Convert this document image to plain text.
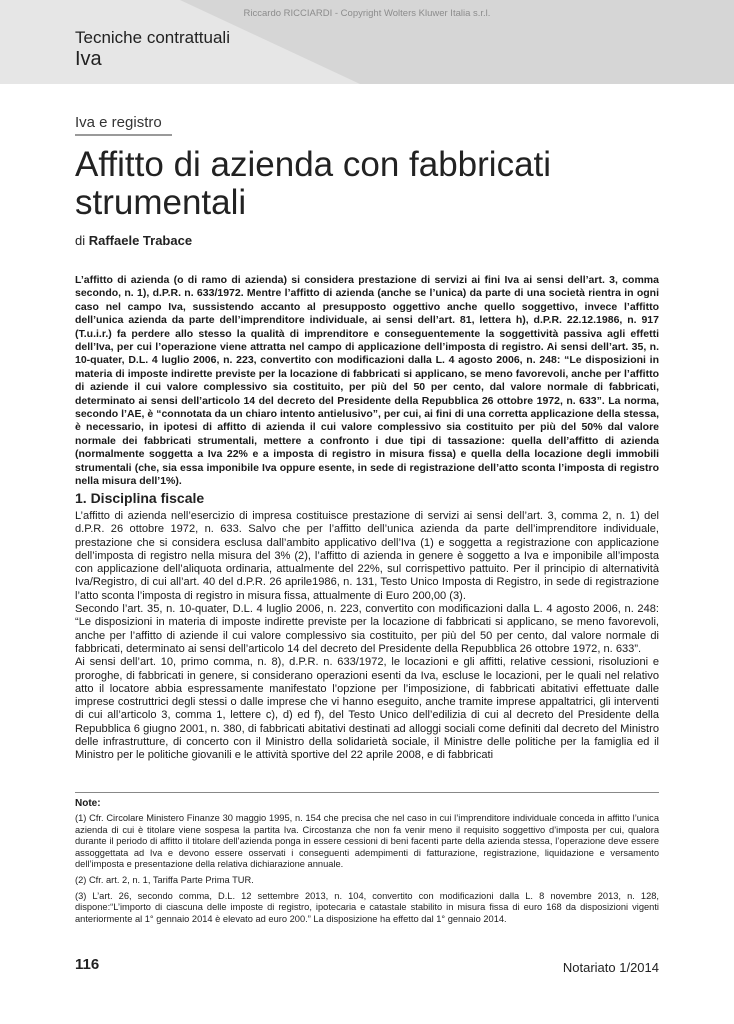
Riccardo RICCIARDI - Copyright Wolters Kluwer Italia s.r.l.
Tecniche contrattuali
Iva
Iva e registro
Affitto di azienda con fabbricati strumentali
di Raffaele Trabace
L’affitto di azienda (o di ramo di azienda) si considera prestazione di servizi ai fini Iva ai sensi dell’art. 3, comma secondo, n. 1), d.P.R. n. 633/1972. Mentre l’affitto di azienda (anche se l’unica) da parte di una società rientra in ogni caso nel campo Iva, sussistendo accanto al presupposto oggettivo anche quello soggettivo, invece l’affitto dell’unica azienda da parte dell’imprenditore individuale, ai sensi dell’art. 81, lettera h), d.P.R. 22.12.1986, n. 917 (T.u.i.r.) fa perdere allo stesso la qualità di imprenditore e conseguentemente la soggettività passiva agli effetti dell’Iva, per cui l’operazione viene attratta nel campo di applicazione dell’imposta di registro. Ai sensi dell’art. 35, n. 10-quater, D.L. 4 luglio 2006, n. 223, convertito con modificazioni dalla L. 4 agosto 2006, n. 248: “Le disposizioni in materia di imposte indirette previste per la locazione di fabbricati si applicano, se meno favorevoli, anche per l’affitto di aziende il cui valore complessivo sia costituito, per più del 50 per cento, dal valore normale di fabbricati, determinato ai sensi dell’articolo 14 del decreto del Presidente della Repubblica 26 ottobre 1972, n. 633”. La norma, secondo l’AE, è “connotata da un chiaro intento antielusivo”, per cui, ai fini di una corretta applicazione della stessa, è necessario, in ipotesi di affitto di azienda il cui valore complessivo sia costituito per più del 50% dal valore normale dei fabbricati strumentali, mettere a confronto i due tipi di tassazione: quella dell’affitto di azienda (normalmente soggetta a Iva 22% e a imposta di registro in misura fissa) e quella della locazione degli immobili strumentali (che, sia essa imponibile Iva oppure esente, in sede di registrazione dell’atto sconta l’imposta di registro nella misura dell’1%).
1. Disciplina fiscale

L’affitto di azienda nell’esercizio di impresa costituisce prestazione di servizi ai sensi dell’art. 3, comma 2, n. 1) del d.P.R. 26 ottobre 1972, n. 633. Salvo che per l’affitto dell’unica azienda da parte dell’imprenditore individuale, prestazione che si considera esclusa dall’ambito applicativo dell’Iva (1) e soggetta a registrazione con applicazione dell’imposta di registro nella misura del 3% (2), l’affitto di azienda in genere è soggetto a Iva e imponibile all’imposta con applicazione dell’aliquota ordinaria, attualmente del 22%, sul corrispettivo pattuito. Per il principio di alternatività Iva/Registro, di cui all’art. 40 del d.P.R. 26 aprile1986, n. 131, Testo Unico Imposta di Registro, in sede di registrazione l’atto sconta l’imposta di registro in misura fissa, attualmente di Euro 200,00 (3).

Secondo l’art. 35, n. 10-quater, D.L. 4 luglio 2006, n. 223, convertito con modificazioni dalla L. 4 agosto 2006, n. 248: “Le disposizioni in materia di imposte indirette previste per la locazione di fabbricati si applicano, se meno favorevoli, anche per l’affitto di aziende il cui valore complessivo sia costituito, per più del 50 per cento, dal valore normale di fabbricati, determinato ai sensi dell’articolo 14 del decreto del Presidente della Repubblica 26 ottobre 1972, n. 633”.

Ai sensi dell’art. 10, primo comma, n. 8), d.P.R. n. 633/1972, le locazioni e gli affitti, relative cessioni, risoluzioni e proroghe, di fabbricati in genere, si considerano operazioni esenti da Iva, escluse le locazioni, per le quali nel relativo atto il locatore abbia espressamente manifestato l’opzione per l’imposizione, di fabbricati abitativi effettuate dalle imprese costruttrici degli stessi o dalle imprese che vi hanno eseguito, anche tramite imprese appaltatrici, gli interventi di cui all’articolo 3, comma 1, lettere c), d) ed f), del Testo Unico dell’edilizia di cui al decreto del Presidente della Repubblica 6 giugno 2001, n. 380, di fabbricati abitativi destinati ad alloggi sociali come definiti dal decreto del Ministro delle infrastrutture, di concerto con il Ministro della solidarietà sociale, il Ministre delle politiche per la famiglia ed il Ministro per le politiche giovanili e le attività sportive del 22 aprile 2008, e di fabbricati

Note:

(1) Cfr. Circolare Ministero Finanze 30 maggio 1995, n. 154 che precisa che nel caso in cui l’imprenditore individuale conceda in affitto l’unica azienda di cui è titolare viene sospesa la partita Iva. Circostanza che non fa venir meno il requisito soggettivo d’imposta per cui, qualora durante il periodo di affitto il titolare dell’azienda ponga in essere cessioni di beni facenti parte della azienda stessa, l’operazione deve essere assoggettata ad Iva e devono essere osservati i conseguenti adempimenti di fatturazione, registrazione, liquidazione e versamento dell’imposta e presentazione della relativa dichiarazione annuale.

(2) Cfr. art. 2, n. 1, Tariffa Parte Prima TUR.

(3) L’art. 26, secondo comma, D.L. 12 settembre 2013, n. 104, convertito con modificazioni dalla L. 8 novembre 2013, n. 128, dispone:“L’importo di ciascuna delle imposte di registro, ipotecaria e catastale stabilito in misura fissa di euro 168 da disposizioni vigenti anteriormente al 1° gennaio 2014 è elevato ad euro 200.” La disposizione ha effetto dal 1° gennaio 2014.

116	Notariato 1/2014
